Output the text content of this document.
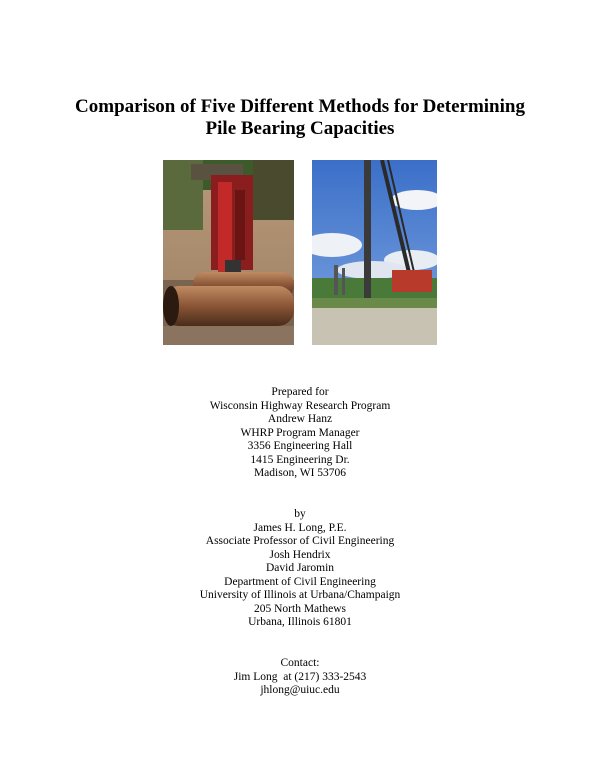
Comparison of Five Different Methods for Determining
Pile Bearing Capacities
Prepared for
Wisconsin Highway Research Program
Andrew Hanz
WHRP Program Manager
3356 Engineering Hall
1415 Engineering Dr.
Madison, WI 53706
by
James H. Long, P.E.
Associate Professor of Civil Engineering
Josh Hendrix
David Jaromin
Department of Civil Engineering
University of Illinois at Urbana/Champaign
205 North Mathews
Urbana, Illinois 61801
Contact:
Jim Long  at (217) 333-2543
jhlong@uiuc.edu
